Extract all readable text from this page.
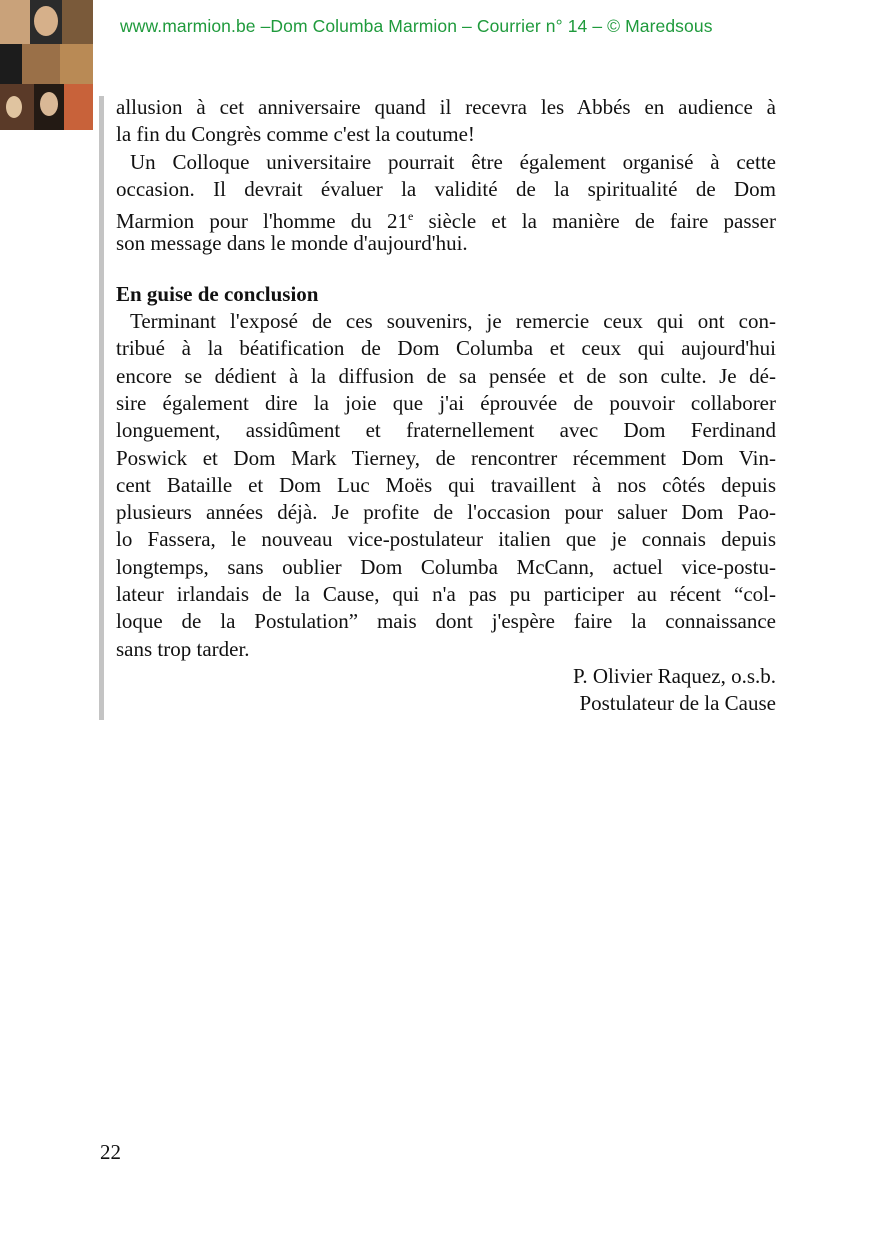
www.marmion.be –Dom Columba Marmion – Courrier n° 14 – © Maredsous
allusion à cet anniversaire quand il recevra les Abbés en audience à
la fin du Congrès comme c'est la coutume!
Un Colloque universitaire pourrait être également organisé à cette
occasion. Il devrait évaluer la validité de la spiritualité de Dom
Marmion pour l'homme du 21e siècle et la manière de faire passer
son message dans le monde d'aujourd'hui.
En guise de conclusion
Terminant l'exposé de ces souvenirs, je remercie ceux qui ont con-
tribué à la béatification de Dom Columba et ceux qui aujourd'hui
encore se dédient à la diffusion de sa pensée et de son culte. Je dé-
sire également dire la joie que j'ai éprouvée de pouvoir collaborer
longuement, assidûment et fraternellement avec Dom Ferdinand
Poswick et Dom Mark Tierney, de rencontrer récemment Dom Vin-
cent Bataille et Dom Luc Moës qui travaillent à nos côtés depuis
plusieurs années déjà. Je profite de l'occasion pour saluer Dom Pao-
lo Fassera, le nouveau vice-postulateur italien que je connais depuis
longtemps, sans oublier Dom Columba McCann, actuel vice-postu-
lateur irlandais de la Cause, qui n'a pas pu participer au récent “col-
loque de la Postulation” mais dont j'espère faire la connaissance
sans trop tarder.
P. Olivier Raquez, o.s.b.
Postulateur de la Cause
22
